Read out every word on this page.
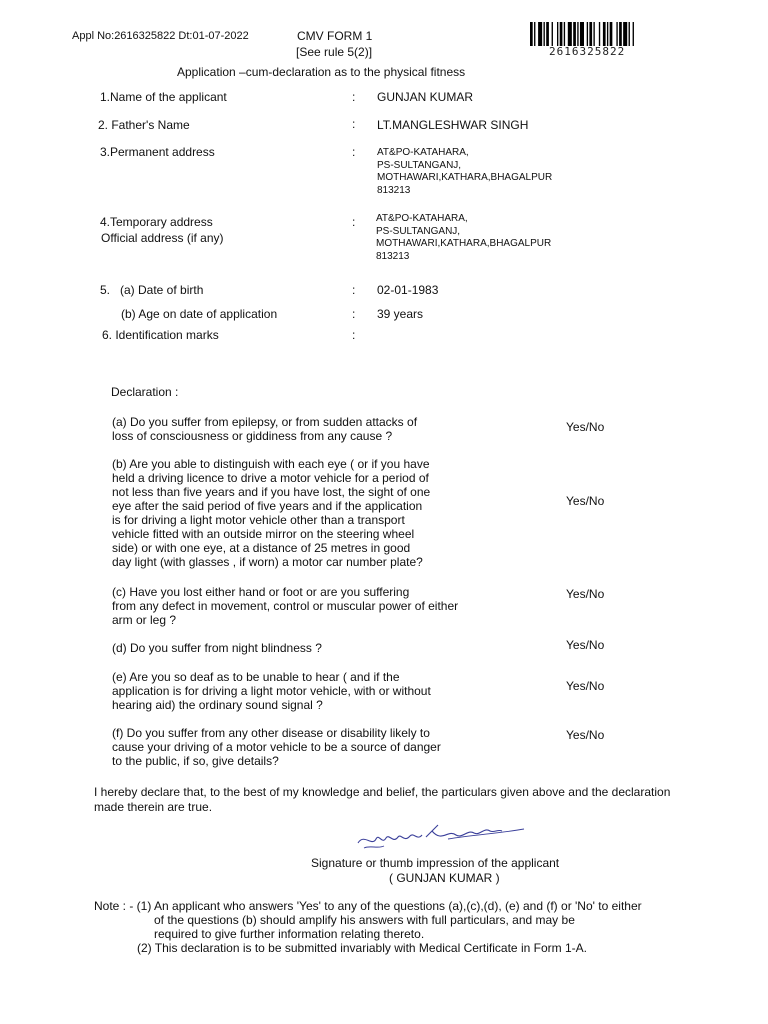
Appl No:2616325822 Dt:01-07-2022	CMV FORM 1
[See rule 5(2)]
Application –cum-declaration as to the physical fitness
2616325822
1.Name of the applicant	: GUNJAN KUMAR
2. Father's Name	: LT.MANGLESHWAR SINGH
3.Permanent address	: AT&PO-KATAHARA,
PS-SULTANGANJ,
MOTHAWARI,KATHARA,BHAGALPUR
813213
4.Temporary address
Official address (if any)
: AT&PO-KATAHARA,
PS-SULTANGANJ,
MOTHAWARI,KATHARA,BHAGALPUR
813213
5. (a) Date of birth	: 02-01-1983
(b) Age on date of application	: 39 years
6. Identification marks	:
Declaration :
(a) Do you suffer from epilepsy, or from sudden attacks of
loss of consciousness or giddiness from any cause ?
Yes/No
(b) Are you able to distinguish with each eye ( or if you have
held a driving licence to drive a motor vehicle for a period of
not less than five years and if you have lost, the sight of one
eye after the said period of five years and if the application
is for driving a light motor vehicle other than a transport
vehicle fitted with an outside mirror on the steering wheel
side) or with one eye, at a distance of 25 metres in good
day light (with glasses , if worn) a motor car number plate?
Yes/No
(c) Have you lost either hand or foot or are you suffering
from any defect in movement, control or muscular power of either
arm or leg ?
Yes/No
(d) Do you suffer from night blindness ?	Yes/No
(e) Are you so deaf as to be unable to hear ( and if the
application is for driving a light motor vehicle, with or without
hearing aid) the ordinary sound signal ?
Yes/No
(f) Do you suffer from any other disease or disability likely to
cause your driving of a motor vehicle to be a source of danger
to the public, if so, give details?
Yes/No
I hereby declare that, to the best of my knowledge and belief, the particulars given above and the declaration
made therein are true.
Signature or thumb impression of the applicant
( GUNJAN KUMAR )
Note : - (1) An applicant who answers 'Yes' to any of the questions (a),(c),(d), (e) and (f) or 'No' to either
of the questions (b) should amplify his answers with full particulars, and may be
required to give further information relating thereto.
(2) This declaration is to be submitted invariably with Medical Certificate in Form 1-A.
